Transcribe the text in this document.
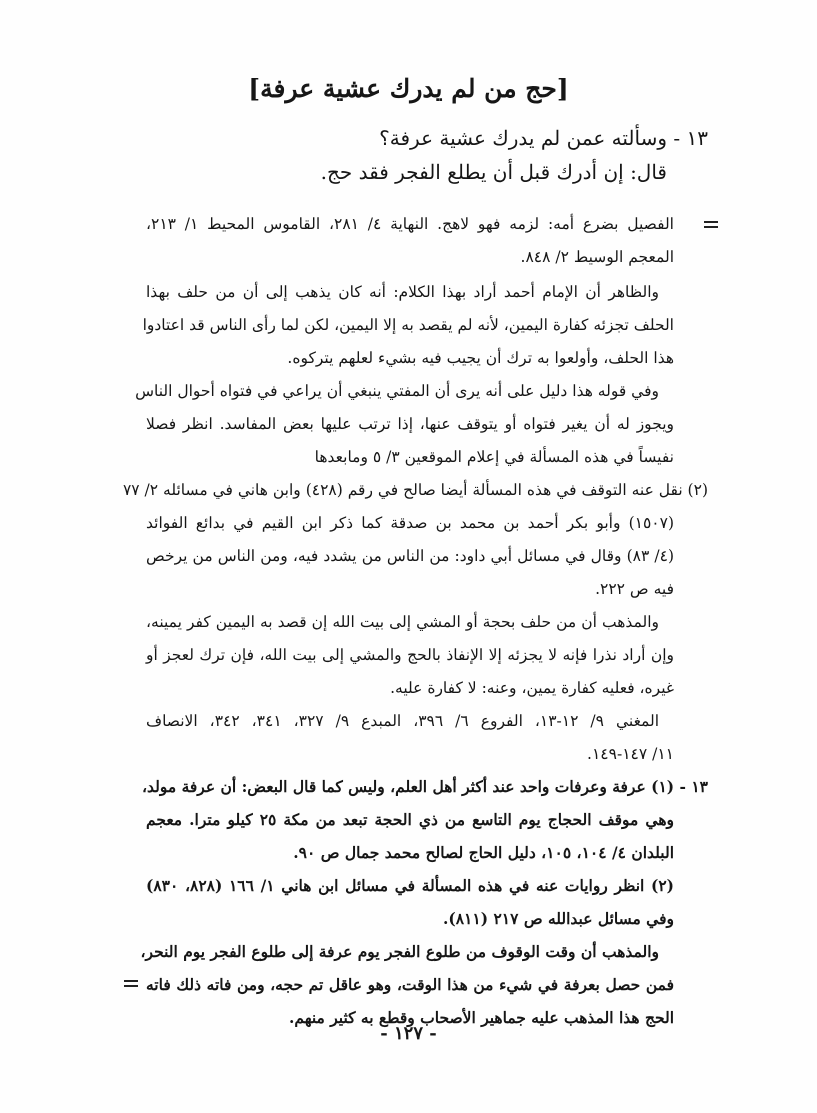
[حج من لم يدرك عشية عرفة]
١٣ - وسألته عمن لم يدرك عشية عرفة؟
قال: إن أدرك قبل أن يطلع الفجر فقد حج.
الفصيل بضرع أمه: لزمه فهو لاهج. النهاية ٤/ ٢٨١، القاموس المحيط ١/ ٢١٣،
المعجم الوسيط ٢/ ٨٤٨.
والظاهر أن الإمام أحمد أراد بهذا الكلام: أنه كان يذهب إلى أن من حلف بهذا
الحلف تجزئه كفارة اليمين، لأنه لم يقصد به إلا اليمين، لكن لما رأى الناس قد اعتادوا
هذا الحلف، وأولعوا به ترك أن يجيب فيه بشيء لعلهم يتركوه.
وفي قوله هذا دليل على أنه يرى أن المفتي ينبغي أن يراعي في فتواه أحوال الناس
ويجوز له أن يغير فتواه أو يتوقف عنها، إذا ترتب عليها بعض المفاسد. انظر فصلا
نفيساً في هذه المسألة في إعلام الموقعين ٣/ ٥ ومابعدها
(٢) نقل عنه التوقف في هذه المسألة أيضا صالح في رقم (٤٢٨) وابن هاني في مسائله ٢/ ٧٧
(١٥٠٧) وأبو بكر أحمد بن محمد بن صدقة كما ذكر ابن القيم في بدائع الفوائد
(٤/ ٨٣) وقال في مسائل أبي داود: من الناس من يشدد فيه، ومن الناس من يرخص
فيه ص ٢٢٢.
والمذهب أن من حلف بحجة أو المشي إلى بيت الله إن قصد به اليمين كفر يمينه،
وإن أراد نذرا فإنه لا يجزئه إلا الإنفاذ بالحج والمشي إلى بيت الله، فإن ترك لعجز أو
غيره، فعليه كفارة يمين، وعنه: لا كفارة عليه.
المغني ٩/ ١٢-١٣، الفروع ٦/ ٣٩٦، المبدع ٩/ ٣٢٧، ٣٤١، ٣٤٢، الانصاف
١١/ ١٤٧-١٤٩.
١٣ - (١) عرفة وعرفات واحد عند أكثر أهل العلم، وليس كما قال البعض: أن عرفة مولد،
وهي موقف الحجاج يوم التاسع من ذي الحجة تبعد من مكة ٢٥ كيلو مترا. معجم
البلدان ٤/ ١٠٤، ١٠٥، دليل الحاج لصالح محمد جمال ص ٩٠.
(٢) انظر روايات عنه في هذه المسألة في مسائل ابن هاني ١/ ١٦٦ (٨٢٨، ٨٣٠)
وفي مسائل عبدالله ص ٢١٧ (٨١١).
والمذهب أن وقت الوقوف من طلوع الفجر يوم عرفة إلى طلوع الفجر يوم النحر،
فمن حصل بعرفة في شيء من هذا الوقت، وهو عاقل تم حجه، ومن فاته ذلك فاته
الحج هذا المذهب عليه جماهير الأصحاب وقطع به كثير منهم.
- ١٢٧ -
